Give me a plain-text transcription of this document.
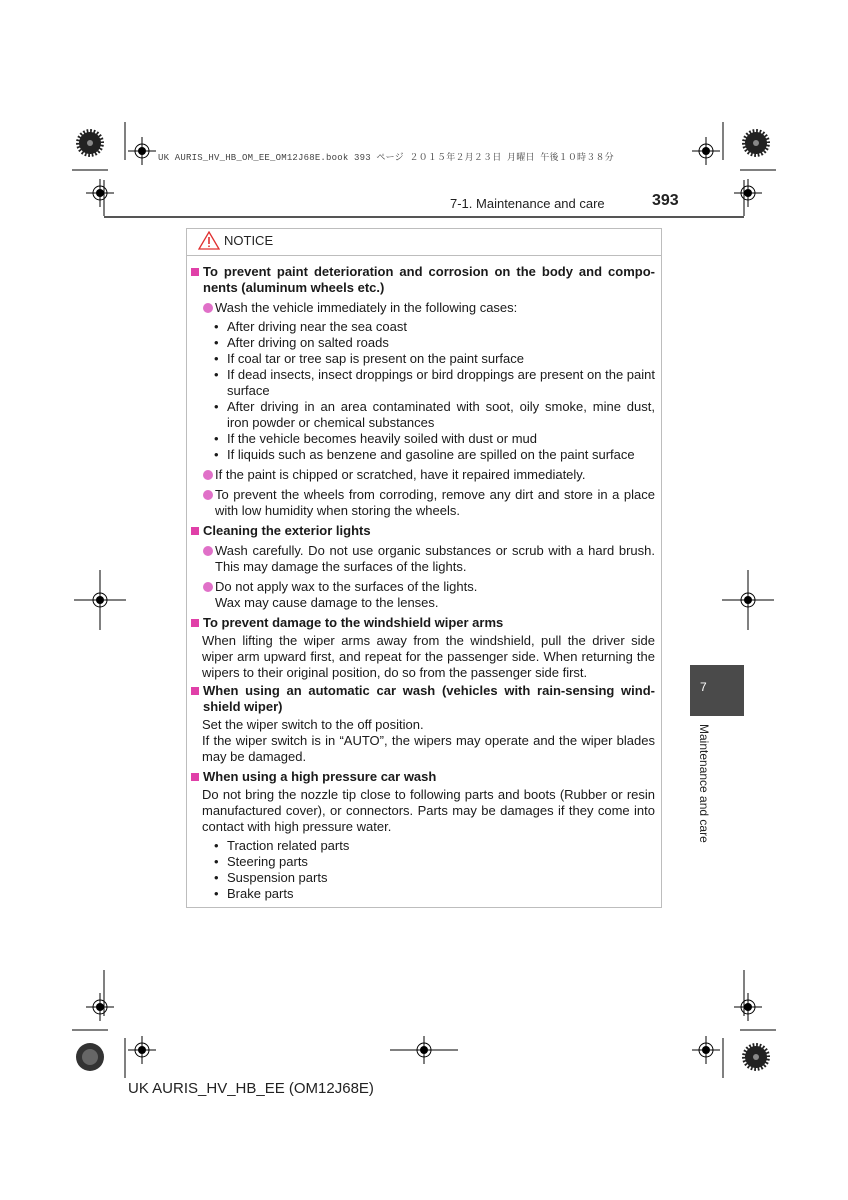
UK AURIS_HV_HB_OM_EE_OM12J68E.book 393 ページ ２０１５年２月２３日 月曜日 午後１０時３８分
7-1. Maintenance and care	393
7
Maintenance and care
NOTICE
To prevent paint deterioration and corrosion on the body and compo- nents (aluminum wheels etc.)
Wash the vehicle immediately in the following cases:
• After driving near the sea coast
• After driving on salted roads
• If coal tar or tree sap is present on the paint surface
• If dead insects, insect droppings or bird droppings are present on the paint surface
• After driving in an area contaminated with soot, oily smoke, mine dust, iron powder or chemical substances
• If the vehicle becomes heavily soiled with dust or mud
• If liquids such as benzene and gasoline are spilled on the paint surface
If the paint is chipped or scratched, have it repaired immediately.
To prevent the wheels from corroding, remove any dirt and store in a place with low humidity when storing the wheels.
Cleaning the exterior lights
Wash carefully. Do not use organic substances or scrub with a hard brush. This may damage the surfaces of the lights.
Do not apply wax to the surfaces of the lights.
Wax may cause damage to the lenses.
To prevent damage to the windshield wiper arms
When lifting the wiper arms away from the windshield, pull the driver side wiper arm upward first, and repeat for the passenger side. When returning the wipers to their original position, do so from the passenger side first.
When using an automatic car wash (vehicles with rain-sensing wind- shield wiper)
Set the wiper switch to the off position.
If the wiper switch is in “AUTO”, the wipers may operate and the wiper blades may be damaged.
When using a high pressure car wash
Do not bring the nozzle tip close to following parts and boots (Rubber or resin manufactured cover), or connectors. Parts may be damages if they come into contact with high pressure water.
• Traction related parts
• Steering parts
• Suspension parts
• Brake parts
UK AURIS_HV_HB_EE (OM12J68E)
